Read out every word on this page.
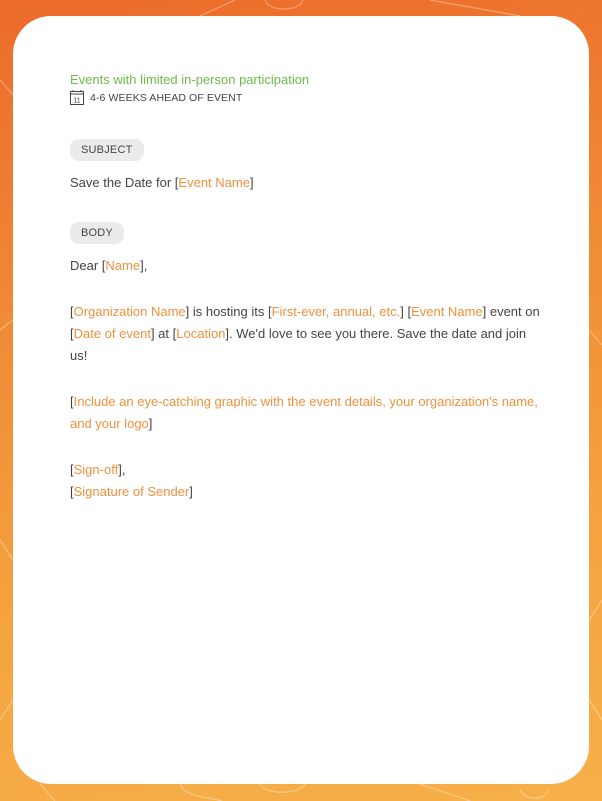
Events with limited in-person participation
11 4-6 WEEKS AHEAD OF EVENT
SUBJECT

Save the Date for [Event Name]

BODY

Dear [Name],

[Organization Name] is hosting its [First-ever, annual, etc.] [Event Name] event on [Date of event] at [Location]. We'd love to see you there. Save the date and join us!

[Include an eye-catching graphic with the event details, your organization's name, and your logo]

[Sign-off],
[Signature of Sender]
